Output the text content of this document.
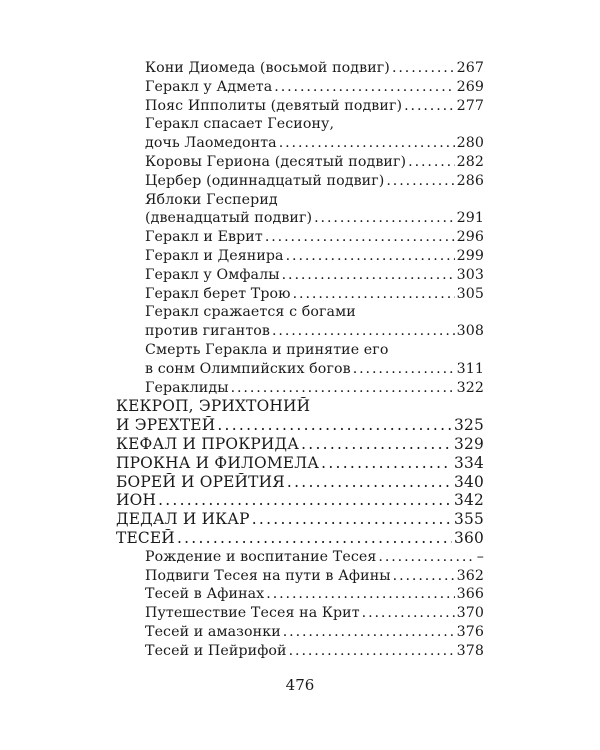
Кони Диомеда (восьмой подвиг) . . .	267
Геракл у Адмета . . .	269
Пояс Ипполиты (девятый подвиг) . . .	277
Геракл спасает Гесиону,
дочь Лаомедонта . . .	280
Коровы Гериона (десятый подвиг) . . .	282
Цербер (одиннадцатый подвиг) . . .	286
Яблоки Гесперид
(двенадцатый подвиг) . . .	291
Геракл и Еврит . . .	296
Геракл и Деянира . . .	299
Геракл у Омфалы . . .	303
Геракл берет Трою . . .	305
Геракл сражается с богами
против гигантов . . .	308
Смерть Геракла и принятие его
в сонм Олимпийских богов . . .	311
Гераклиды . . .	322
КЕКРОП, ЭРИХТОНИЙ
И ЭРЕХТЕЙ . . .	325
КЕФАЛ И ПРОКРИДА . . .	329
ПРОКНА И ФИЛОМЕЛА . . .	334
БОРЕЙ И ОРЕЙТИЯ . . .	340
ИОН . . .	342
ДЕДАЛ И ИКАР . . .	355
ТЕСЕЙ . . .	360
Рождение и воспитание Тесея . . .	–
Подвиги Тесея на пути в Афины . . .	362
Тесей в Афинах . . .	366
Путешествие Тесея на Крит . . .	370
Тесей и амазонки . . .	376
Тесей и Пейрифой . . .	378
476
